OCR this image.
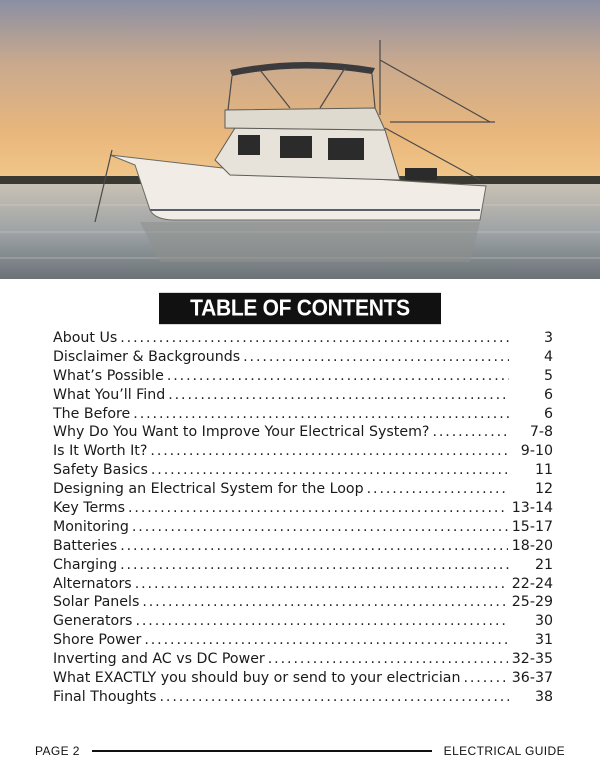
TABLE OF CONTENTS
About Us . . .	3
Disclaimer & Backgrounds . . .	4
What’s Possible . . .	5
What You’ll Find . . .	6
The Before . . .	6
Why Do You Want to Improve Your Electrical System? . . .	7-8
Is It Worth It? . . .	9-10
Safety Basics . . .	11
Designing an Electrical System for the Loop . . .	12
Key Terms . . .	13-14
Monitoring . . .	15-17
Batteries . . .	18-20
Charging . . .	21
Alternators . . .	22-24
Solar Panels . . .	25-29
Generators . . .	30
Shore Power . . .	31
Inverting and AC vs DC Power . . .	32-35
What EXACTLY you should buy or send to your electrician . . .	36-37
Final Thoughts . . .	38
PAGE 2	ELECTRICAL GUIDE
